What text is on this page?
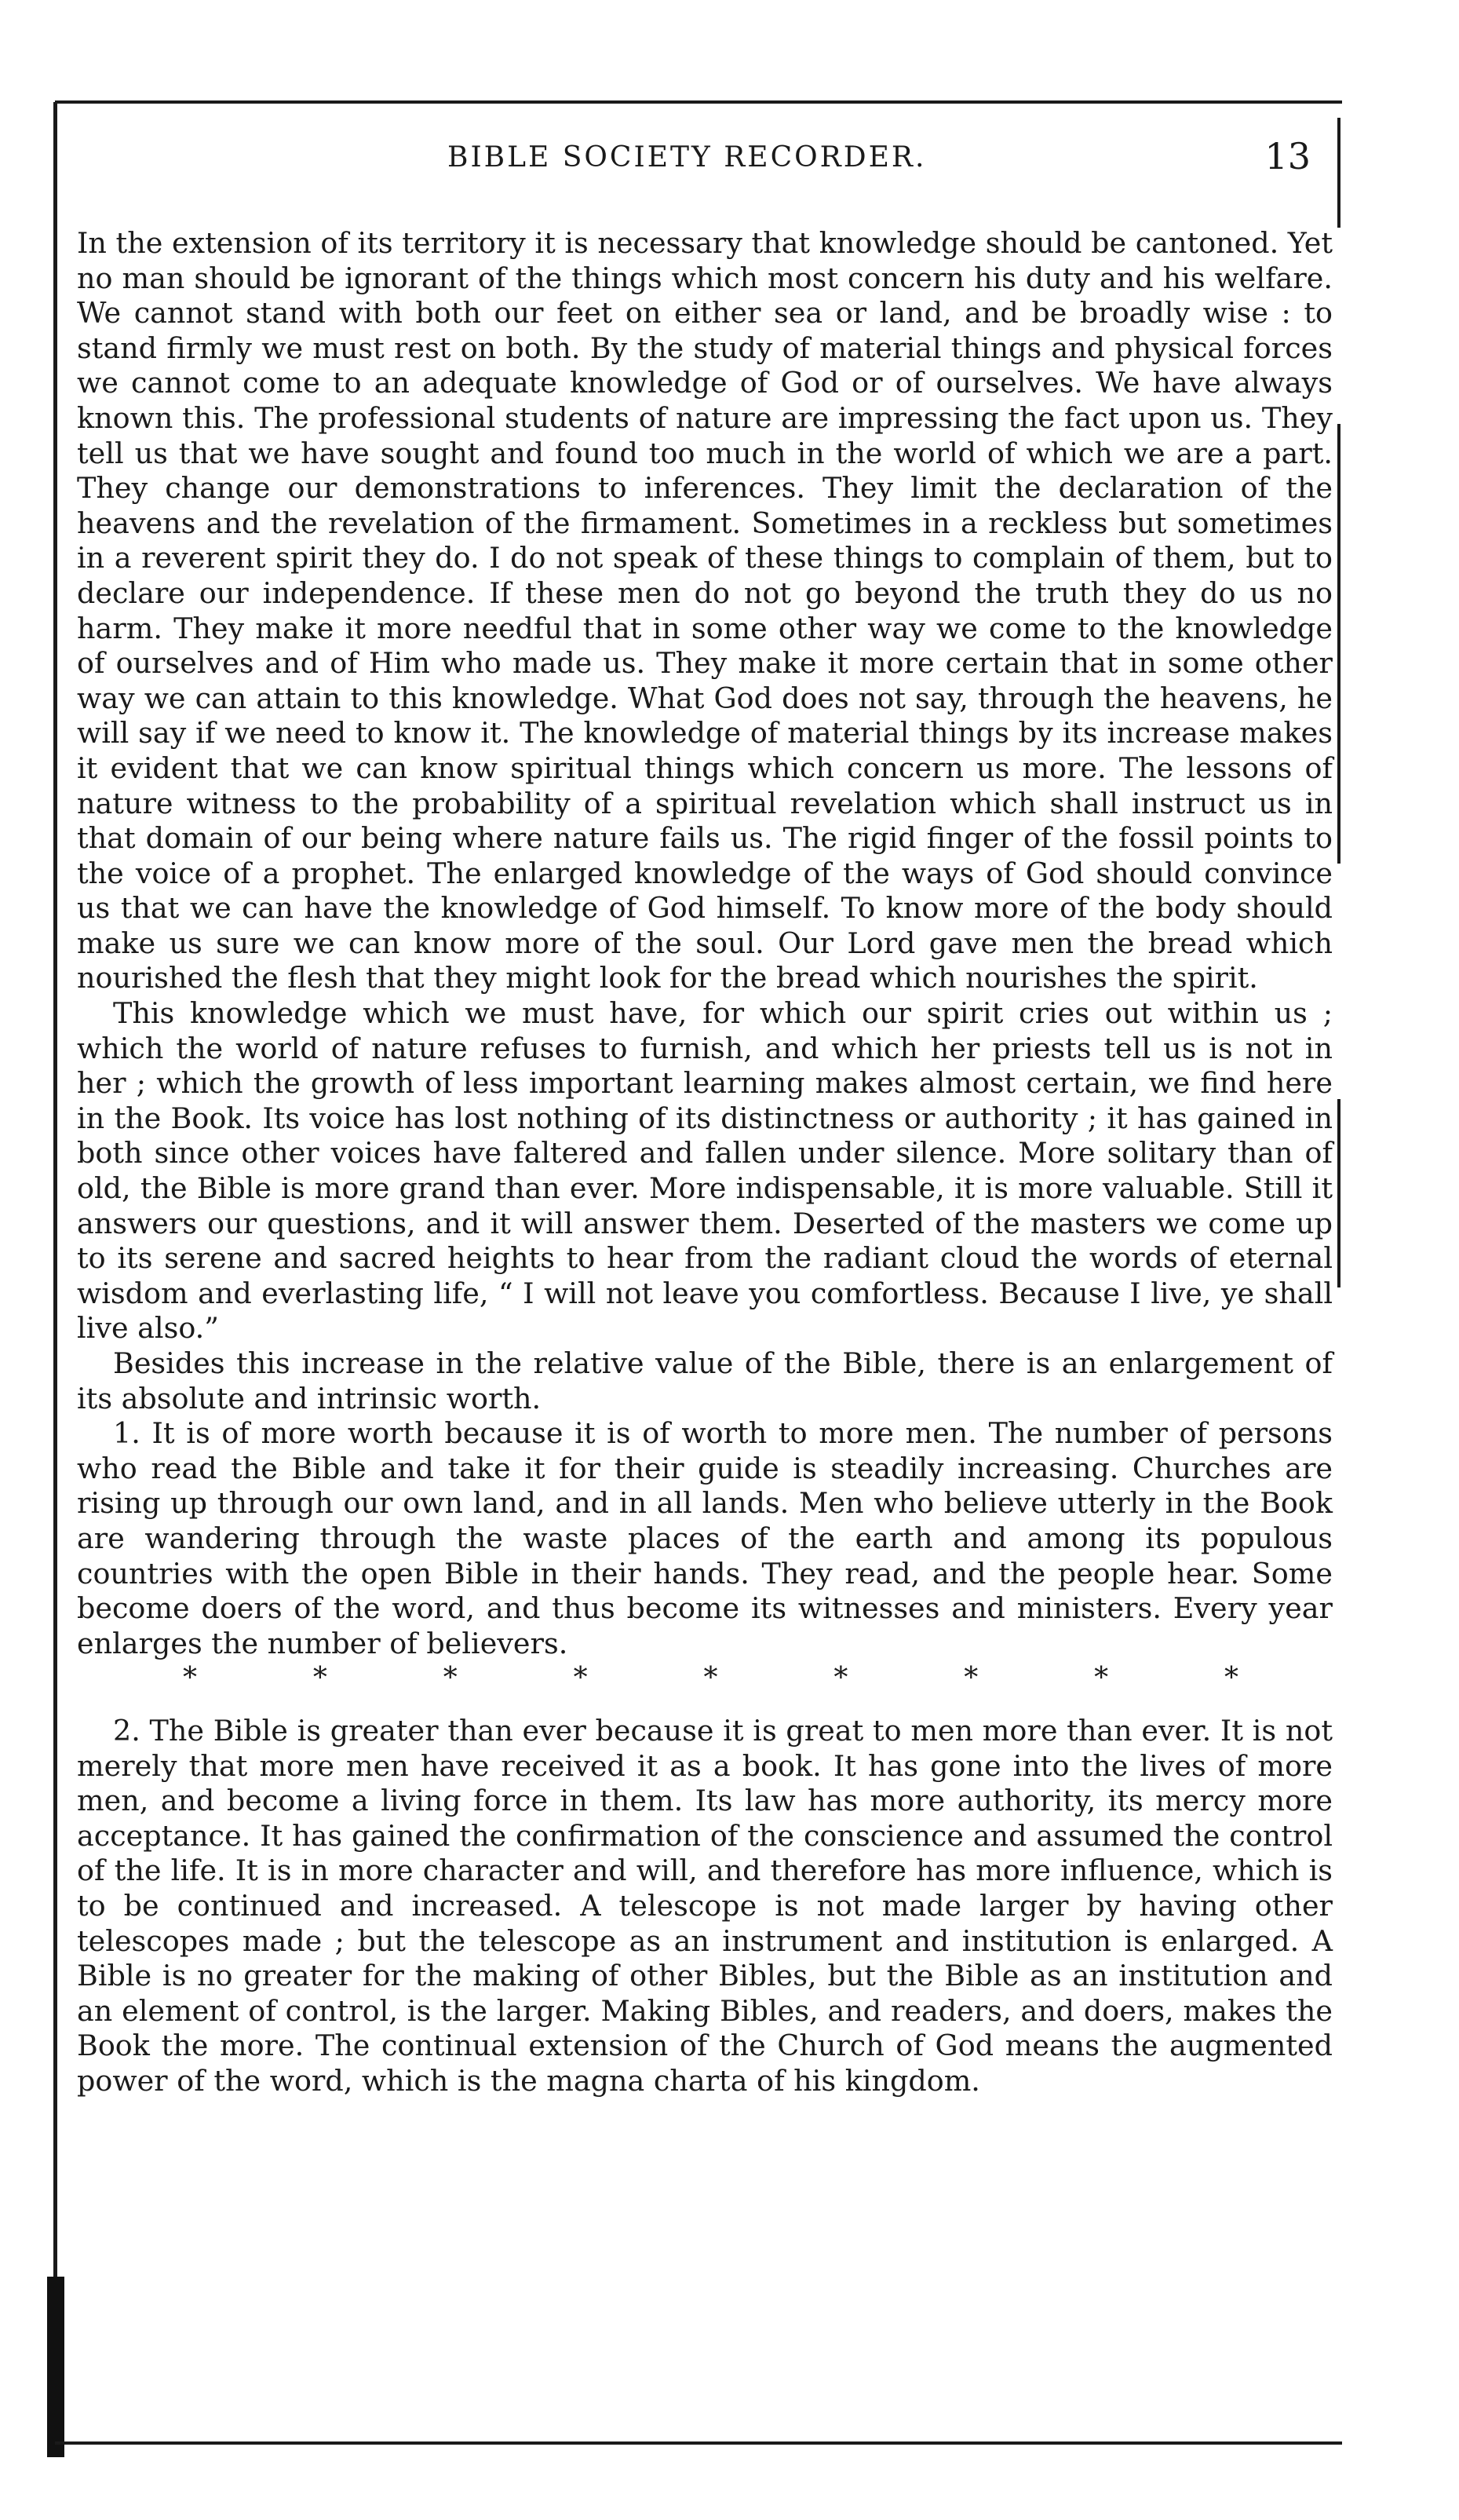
BIBLE SOCIETY RECORDER.	13

In the extension of its territory it is necessary that knowledge should be cantoned. Yet no man should be ignorant of the things which most concern his duty and his welfare. We cannot stand with both our feet on either sea or land, and be broadly wise : to stand firmly we must rest on both. By the study of material things and physical forces we cannot come to an adequate knowledge of God or of ourselves. We have always known this. The professional students of nature are impressing the fact upon us. They tell us that we have sought and found too much in the world of which we are a part. They change our demonstrations to inferences. They limit the declaration of the heavens and the revelation of the firmament. Sometimes in a reckless but sometimes in a reverent spirit they do. I do not speak of these things to complain of them, but to declare our independence. If these men do not go beyond the truth they do us no harm. They make it more needful that in some other way we come to the knowledge of ourselves and of Him who made us. They make it more certain that in some other way we can attain to this knowledge. What God does not say, through the heavens, he will say if we need to know it. The knowledge of material things by its increase makes it evident that we can know spiritual things which concern us more. The lessons of nature witness to the probability of a spiritual revelation which shall instruct us in that domain of our being where nature fails us. The rigid finger of the fossil points to the voice of a prophet. The enlarged knowledge of the ways of God should convince us that we can have the knowledge of God himself. To know more of the body should make us sure we can know more of the soul. Our Lord gave men the bread which nourished the flesh that they might look for the bread which nourishes the spirit.

This knowledge which we must have, for which our spirit cries out within us ; which the world of nature refuses to furnish, and which her priests tell us is not in her ; which the growth of less important learning makes almost certain, we find here in the Book. Its voice has lost nothing of its distinctness or authority ; it has gained in both since other voices have faltered and fallen under silence. More solitary than of old, the Bible is more grand than ever. More indispensable, it is more valuable. Still it answers our questions, and it will answer them. Deserted of the masters we come up to its serene and sacred heights to hear from the radiant cloud the words of eternal wisdom and everlasting life, “ I will not leave you comfortless. Because I live, ye shall live also.”

Besides this increase in the relative value of the Bible, there is an enlargement of its absolute and intrinsic worth.

1. It is of more worth because it is of worth to more men. The number of persons who read the Bible and take it for their guide is steadily increasing. Churches are rising up through our own land, and in all lands. Men who believe utterly in the Book are wandering through the waste places of the earth and among its populous countries with the open Bible in their hands. They read, and the people hear. Some become doers of the word, and thus become its witnesses and ministers. Every year enlarges the number of believers.

*	*	*	*	*	*	*	*	*

2. The Bible is greater than ever because it is great to men more than ever. It is not merely that more men have received it as a book. It has gone into the lives of more men, and become a living force in them. Its law has more authority, its mercy more acceptance. It has gained the confirmation of the conscience and assumed the control of the life. It is in more character and will, and therefore has more influence, which is to be continued and increased. A telescope is not made larger by having other telescopes made ; but the telescope as an instrument and institution is enlarged. A Bible is no greater for the making of other Bibles, but the Bible as an institution and an element of control, is the larger. Making Bibles, and readers, and doers, makes the Book the more. The continual extension of the Church of God means the augmented power of the word, which is the magna charta of his kingdom.
